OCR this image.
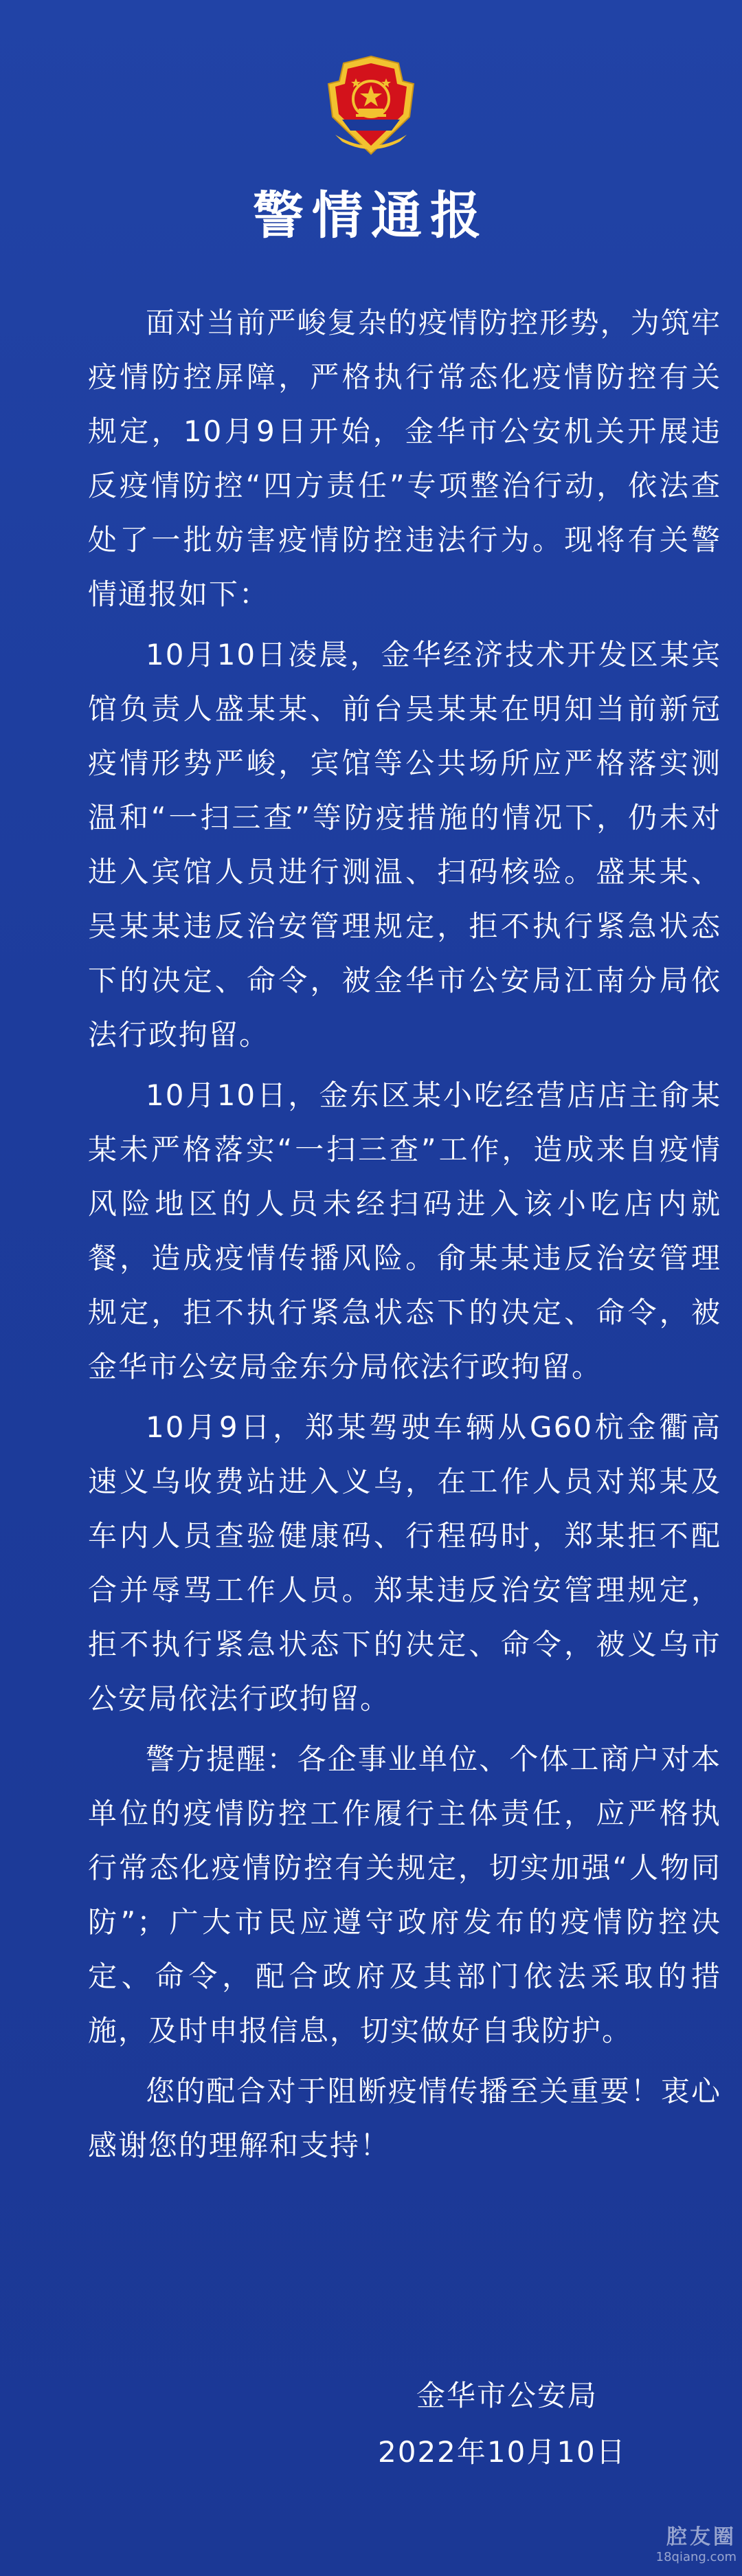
警情通报

面对当前严峻复杂的疫情防控形势，为筑牢疫情防控屏障，严格执行常态化疫情防控有关规定，10月9日开始，金华市公安机关开展违反疫情防控“四方责任”专项整治行动，依法查处了一批妨害疫情防控违法行为。现将有关警情通报如下：

10月10日凌晨，金华经济技术开发区某宾馆负责人盛某某、前台吴某某在明知当前新冠疫情形势严峻，宾馆等公共场所应严格落实测温和“一扫三查”等防疫措施的情况下，仍未对进入宾馆人员进行测温、扫码核验。盛某某、吴某某违反治安管理规定，拒不执行紧急状态下的决定、命令，被金华市公安局江南分局依法行政拘留。

10月10日，金东区某小吃经营店店主俞某某未严格落实“一扫三查”工作，造成来自疫情风险地区的人员未经扫码进入该小吃店内就餐，造成疫情传播风险。俞某某违反治安管理规定，拒不执行紧急状态下的决定、命令，被金华市公安局金东分局依法行政拘留。

10月9日，郑某驾驶车辆从G60杭金衢高速义乌收费站进入义乌，在工作人员对郑某及车内人员查验健康码、行程码时，郑某拒不配合并辱骂工作人员。郑某违反治安管理规定，拒不执行紧急状态下的决定、命令，被义乌市公安局依法行政拘留。

警方提醒：各企事业单位、个体工商户对本单位的疫情防控工作履行主体责任，应严格执行常态化疫情防控有关规定，切实加强“人物同防”；广大市民应遵守政府发布的疫情防控决定、命令，配合政府及其部门依法采取的措施，及时申报信息，切实做好自我防护。

您的配合对于阻断疫情传播至关重要！衷心感谢您的理解和支持！

金华市公安局
2022年10月10日
腔友圈
18qiang.com
